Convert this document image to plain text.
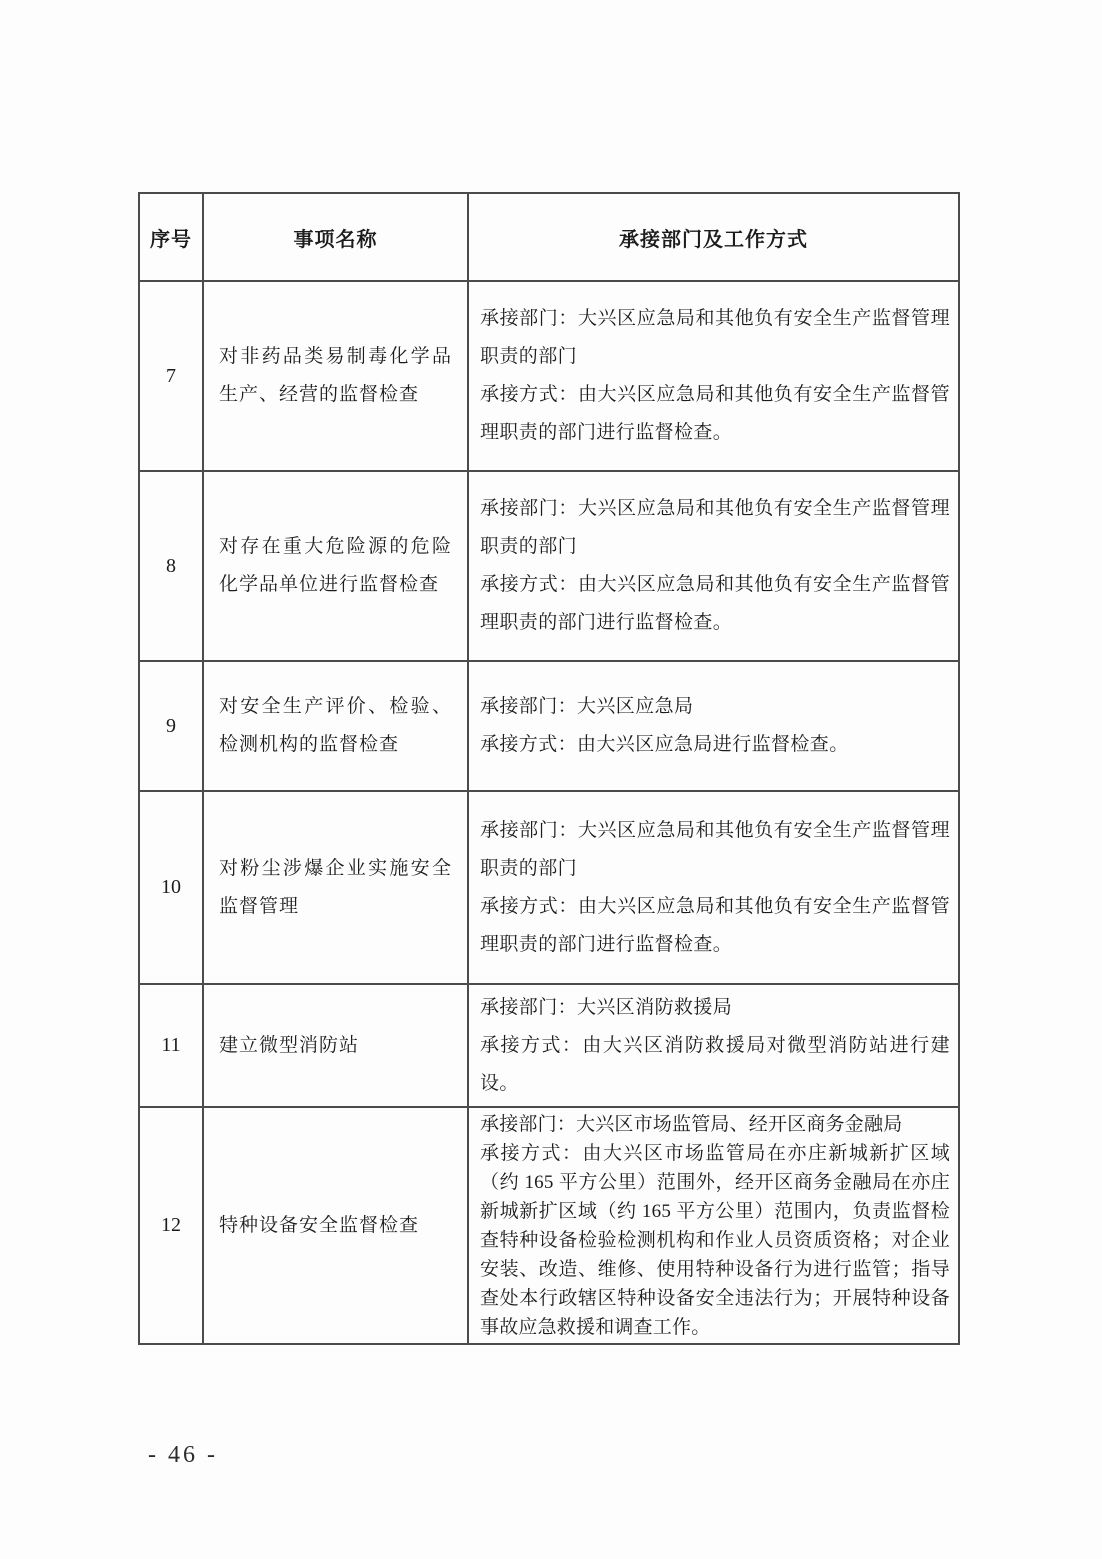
序号	事项名称	承接部门及工作方式
7	对非药品类易制毒化学品生产、经营的监督检查	承接部门：大兴区应急局和其他负有安全生产监督管理职责的部门

承接方式：由大兴区应急局和其他负有安全生产监督管理职责的部门进行监督检查。

8	对存在重大危险源的危险化学品单位进行监督检查	承接部门：大兴区应急局和其他负有安全生产监督管理职责的部门

承接方式：由大兴区应急局和其他负有安全生产监督管理职责的部门进行监督检查。

9	对安全生产评价、检验、检测机构的监督检查	承接部门：大兴区应急局

承接方式：由大兴区应急局进行监督检查。

10	对粉尘涉爆企业实施安全监督管理	承接部门：大兴区应急局和其他负有安全生产监督管理职责的部门

承接方式：由大兴区应急局和其他负有安全生产监督管理职责的部门进行监督检查。

11	建立微型消防站	承接部门：大兴区消防救援局

承接方式：由大兴区消防救援局对微型消防站进行建设。

12	特种设备安全监督检查	承接部门：大兴区市场监管局、经开区商务金融局

承接方式：由大兴区市场监管局在亦庄新城新扩区域（约 165 平方公里）范围外，经开区商务金融局在亦庄新城新扩区域（约 165 平方公里）范围内，负责监督检查特种设备检验检测机构和作业人员资质资格；对企业安装、改造、维修、使用特种设备行为进行监管；指导查处本行政辖区特种设备安全违法行为；开展特种设备事故应急救援和调查工作。

- 46 -
